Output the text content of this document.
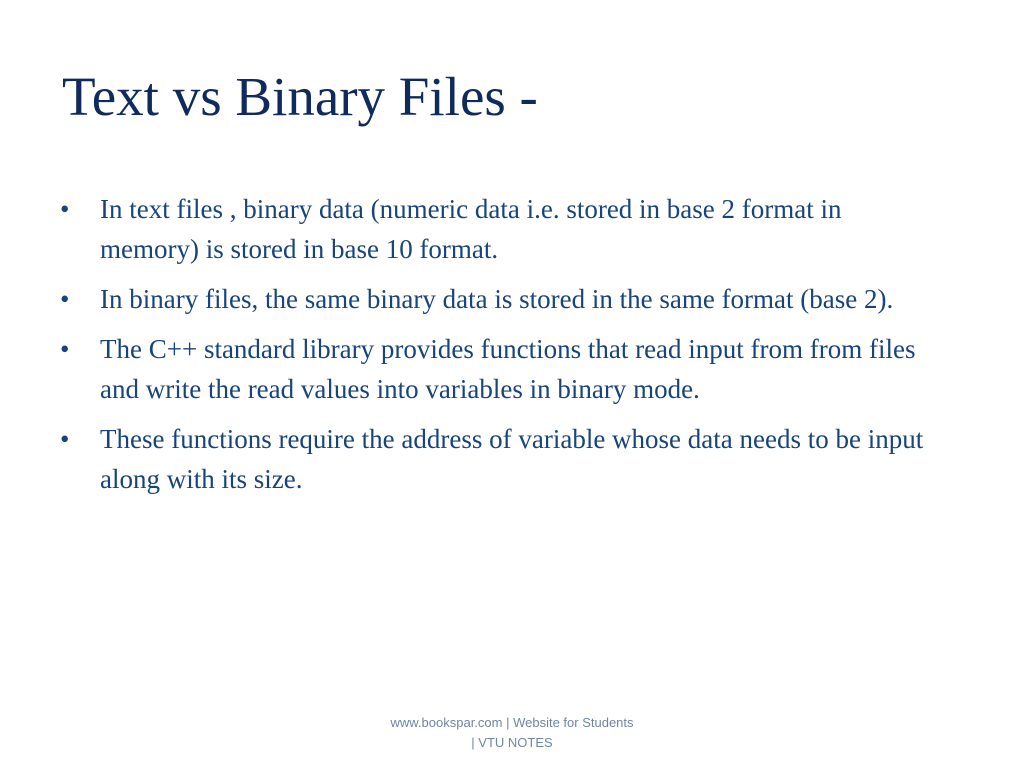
Text vs Binary Files -
• In text files , binary data (numeric data i.e. stored in base 2 format in memory) is stored in base 10 format.
• In binary files, the same binary data is stored in the same format (base 2).
• The C++ standard library provides functions that read input from from files and write the read values into variables in binary mode.
• These functions require the address of variable whose data needs to be input along with its size.
www.bookspar.com | Website for Students
| VTU NOTES
